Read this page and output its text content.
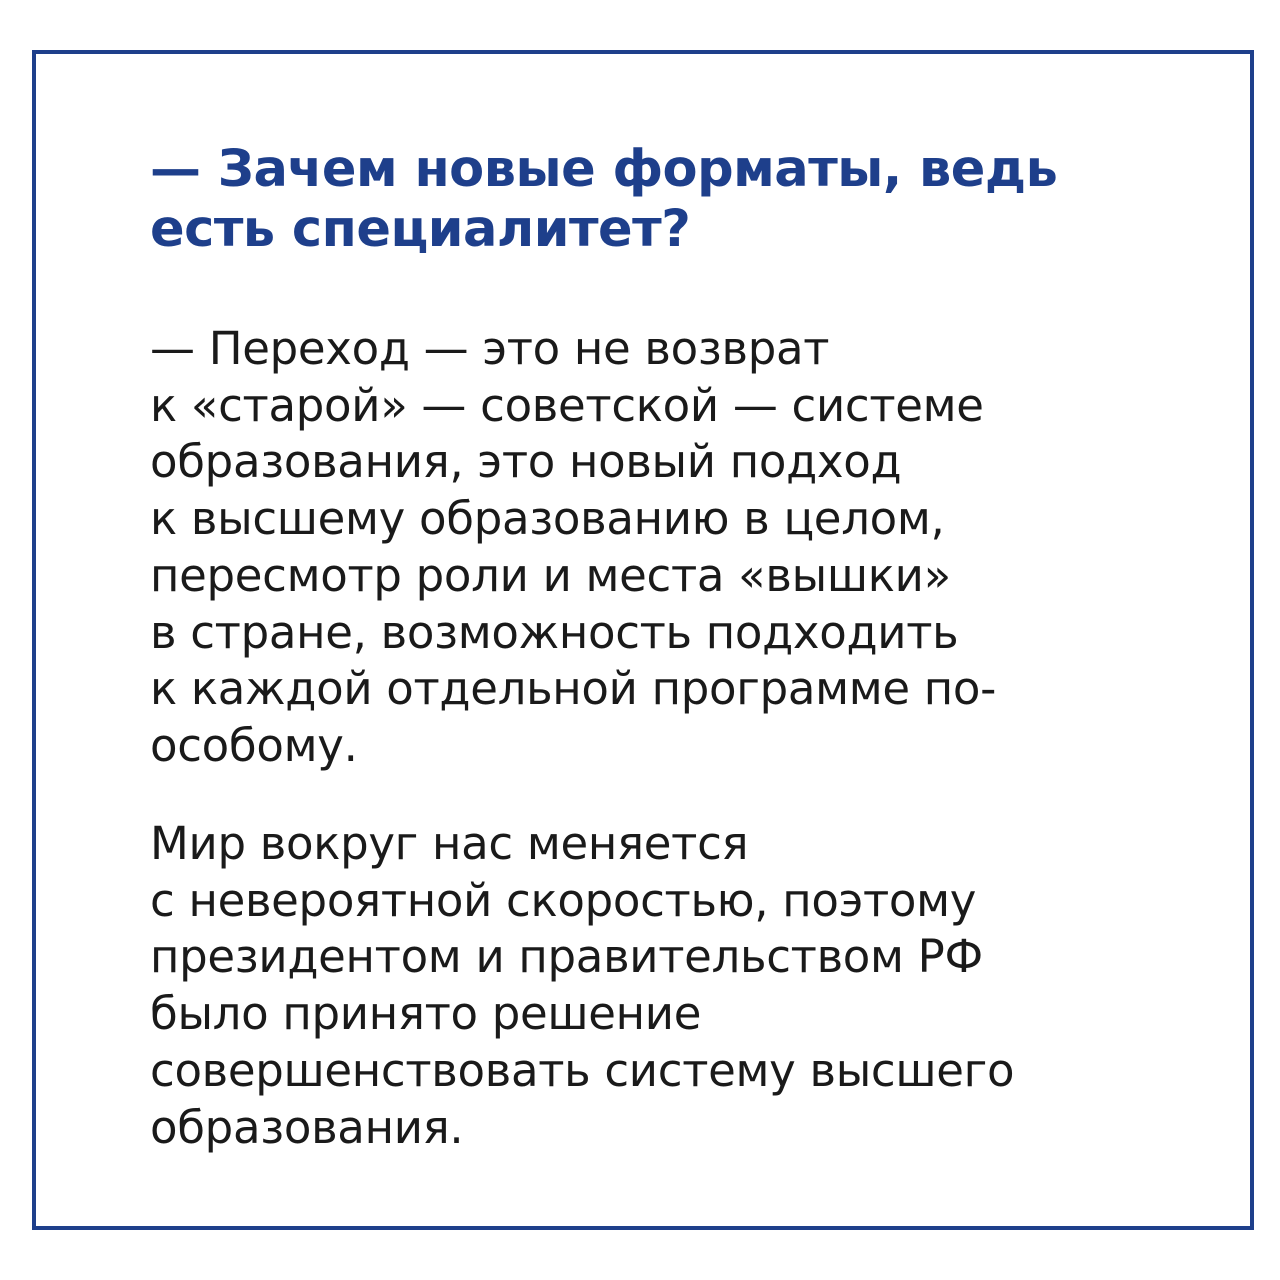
— Зачем новые форматы, ведь
есть специалитет?

— Переход — это не возврат
к «старой» — советской — системе
образования, это новый подход
к высшему образованию в целом,
пересмотр роли и места «вышки»
в стране, возможность подходить
к каждой отдельной программе по-
особому.

Мир вокруг нас меняется
с невероятной скоростью, поэтому
президентом и правительством РФ
было принято решение
совершенствовать систему высшего
образования.
